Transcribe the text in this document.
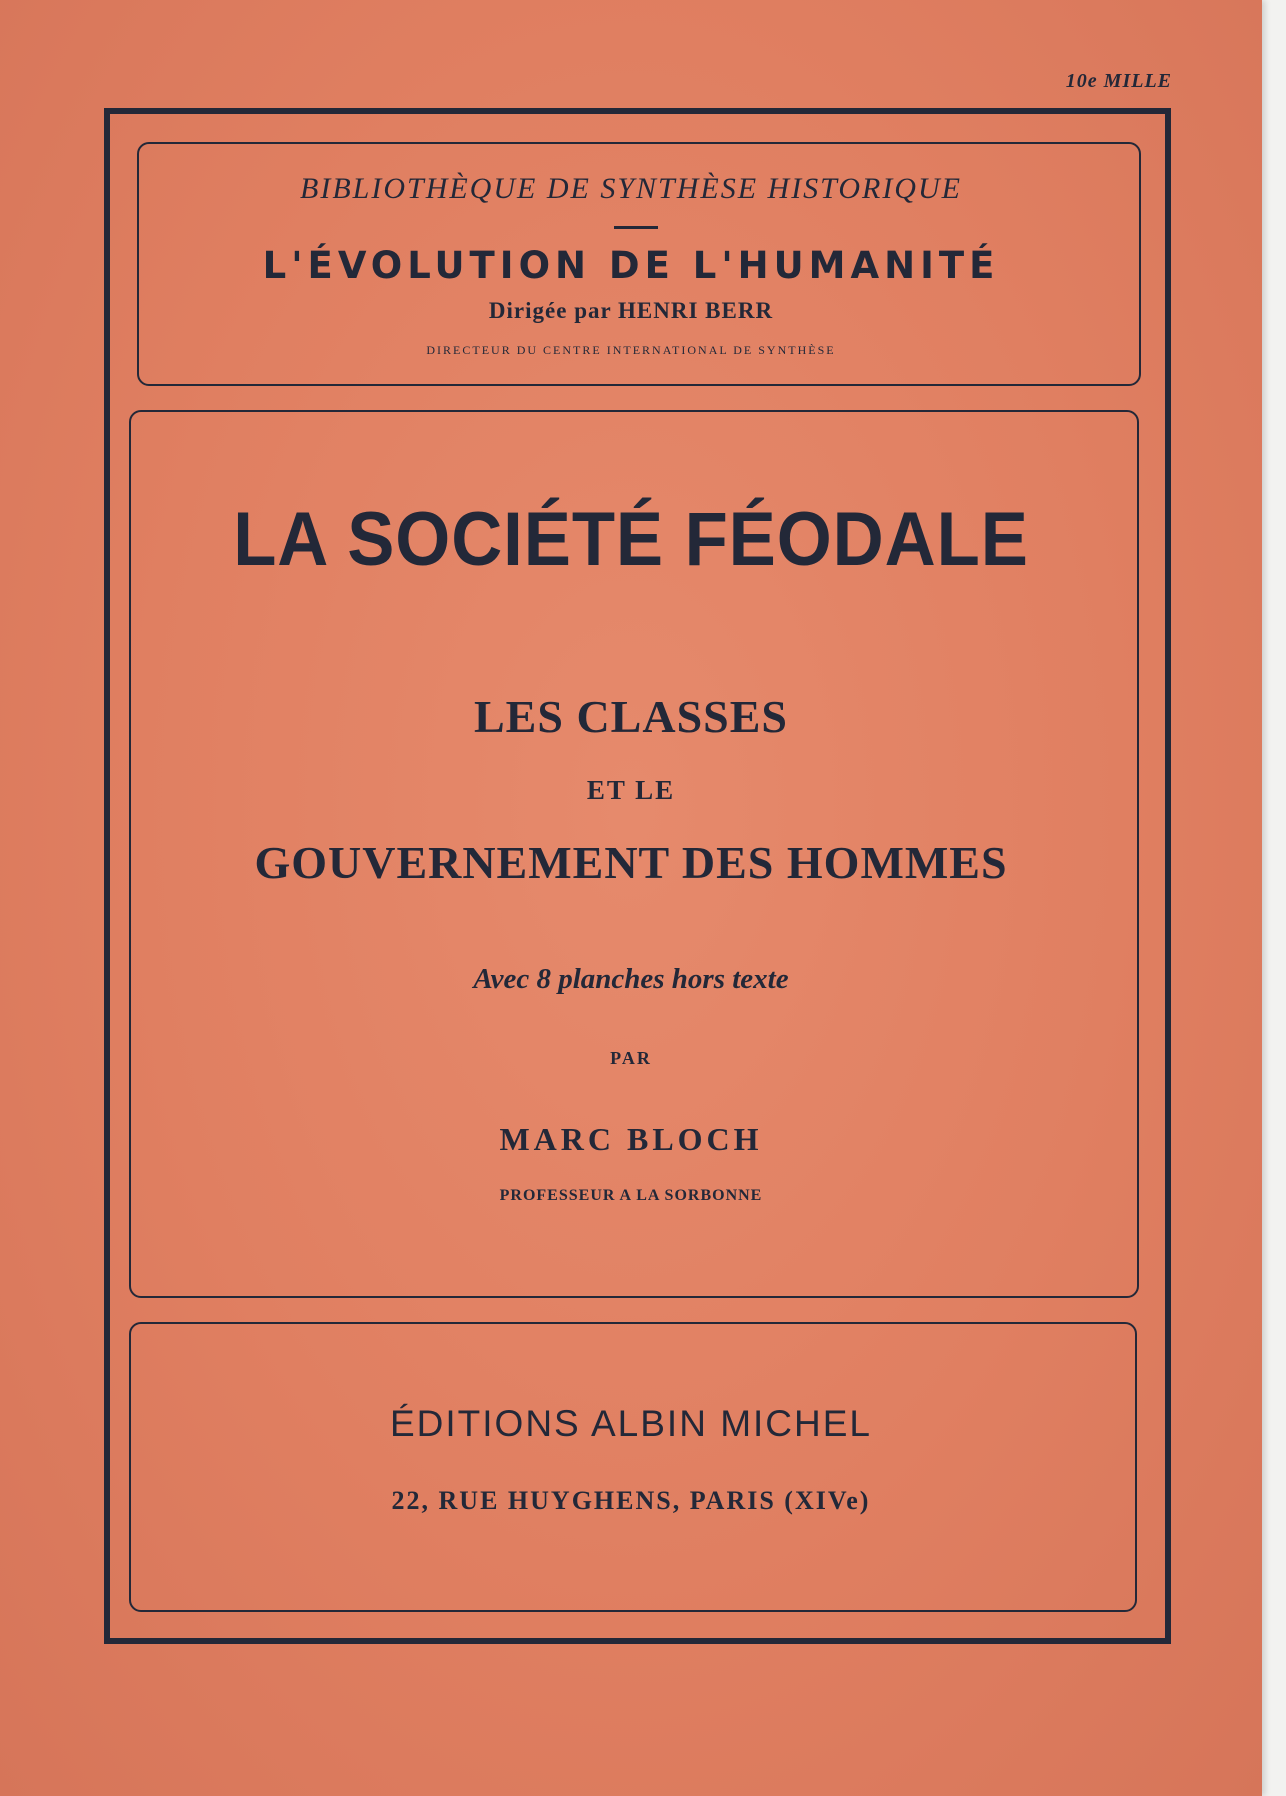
10e MILLE
BIBLIOTHÈQUE DE SYNTHÈSE HISTORIQUE
L'ÉVOLUTION DE L'HUMANITÉ
Dirigée par HENRI BERR
DIRECTEUR DU CENTRE INTERNATIONAL DE SYNTHÈSE
LA SOCIÉTÉ FÉODALE
LES CLASSES
ET LE
GOUVERNEMENT DES HOMMES
Avec 8 planches hors texte
PAR
MARC BLOCH
PROFESSEUR A LA SORBONNE
ÉDITIONS ALBIN MICHEL
22, RUE HUYGHENS, PARIS (XIVe)
